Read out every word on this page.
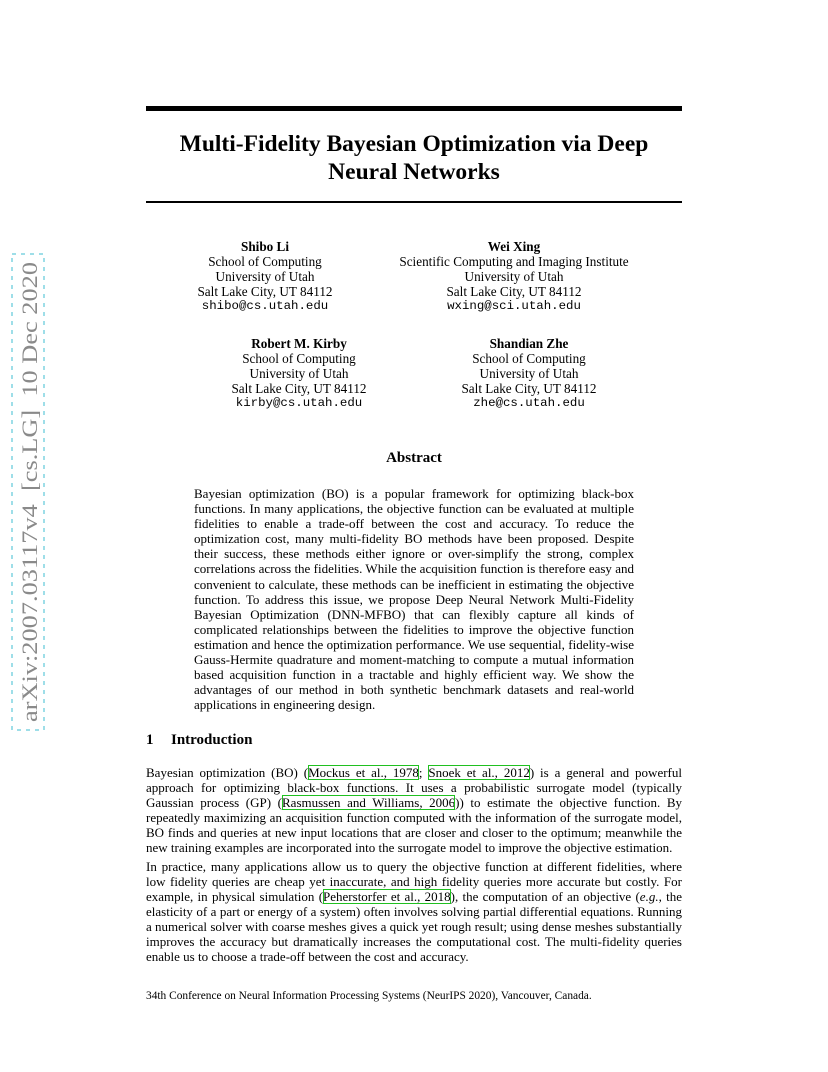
arXiv:2007.03117v4  [cs.LG]  10 Dec 2020
Multi-Fidelity Bayesian Optimization via Deep
Neural Networks
Shibo Li
School of Computing
University of Utah
Salt Lake City, UT 84112
shibo@cs.utah.edu
Wei Xing
Scientific Computing and Imaging Institute
University of Utah
Salt Lake City, UT 84112
wxing@sci.utah.edu
Robert M. Kirby
School of Computing
University of Utah
Salt Lake City, UT 84112
kirby@cs.utah.edu
Shandian Zhe
School of Computing
University of Utah
Salt Lake City, UT 84112
zhe@cs.utah.edu
Abstract

Bayesian optimization (BO) is a popular framework for optimizing black-box functions. In many applications, the objective function can be evaluated at multiple fidelities to enable a trade-off between the cost and accuracy. To reduce the optimization cost, many multi-fidelity BO methods have been proposed. Despite their success, these methods either ignore or over-simplify the strong, complex correlations across the fidelities. While the acquisition function is therefore easy and convenient to calculate, these methods can be inefficient in estimating the objective function. To address this issue, we propose Deep Neural Network Multi-Fidelity Bayesian Optimization (DNN-MFBO) that can flexibly capture all kinds of complicated relationships between the fidelities to improve the objective function estimation and hence the optimization performance. We use sequential, fidelity-wise Gauss-Hermite quadrature and moment-matching to compute a mutual information based acquisition function in a tractable and highly efficient way. We show the advantages of our method in both synthetic benchmark datasets and real-world applications in engineering design.

1 Introduction

Bayesian optimization (BO) (Mockus et al., 1978; Snoek et al., 2012) is a general and powerful approach for optimizing black-box functions. It uses a probabilistic surrogate model (typically Gaussian process (GP) (Rasmussen and Williams, 2006)) to estimate the objective function. By repeatedly maximizing an acquisition function computed with the information of the surrogate model, BO finds and queries at new input locations that are closer and closer to the optimum; meanwhile the new training examples are incorporated into the surrogate model to improve the objective estimation.

In practice, many applications allow us to query the objective function at different fidelities, where low fidelity queries are cheap yet inaccurate, and high fidelity queries more accurate but costly. For example, in physical simulation (Peherstorfer et al., 2018), the computation of an objective (e.g., the elasticity of a part or energy of a system) often involves solving partial differential equations. Running a numerical solver with coarse meshes gives a quick yet rough result; using dense meshes substantially improves the accuracy but dramatically increases the computational cost. The multi-fidelity queries enable us to choose a trade-off between the cost and accuracy.

34th Conference on Neural Information Processing Systems (NeurIPS 2020), Vancouver, Canada.
